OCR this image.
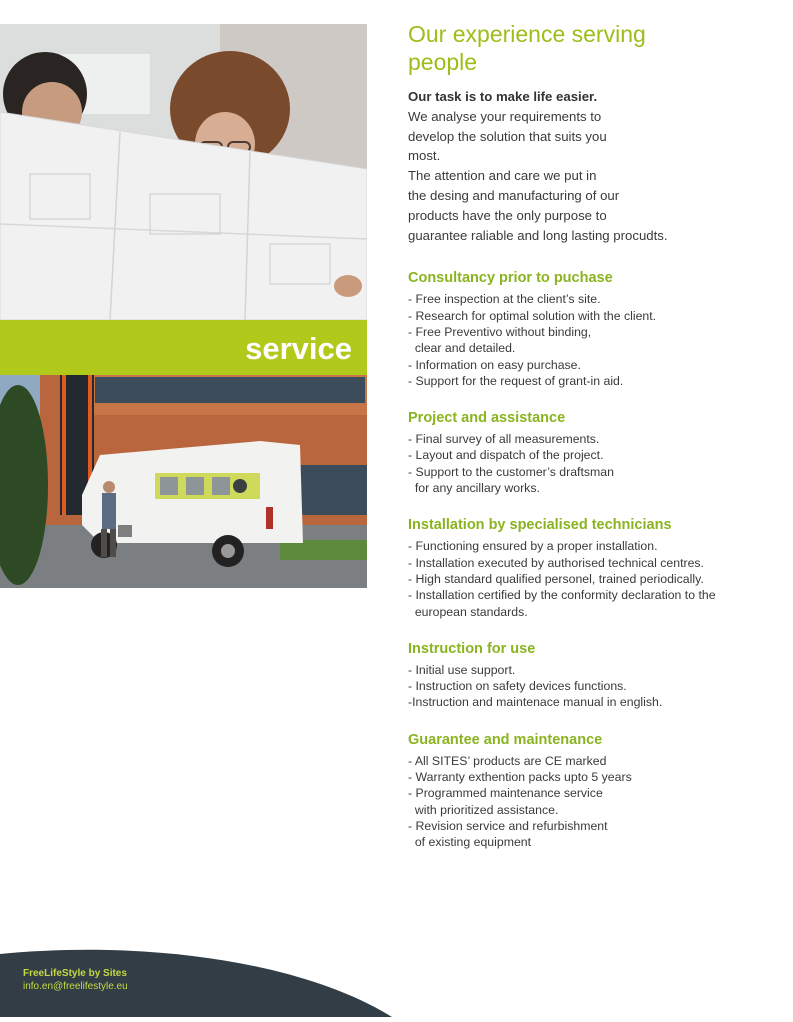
service
Our experience serving
people
Our task is to make life easier.
We analyse your requirements to
develop the solution that suits you
most.
The attention and care we put in
the desing and manufacturing of our
products have the only purpose to
guarantee raliable and long lasting procudts.
Consultancy prior to puchase
- Free inspection at the client’s site.
- Research for optimal solution with the client.
- Free Preventivo without binding,
clear and detailed.
- Information on easy purchase.
- Support for the request of grant-in aid.
Project and assistance
- Final survey of all measurements.
- Layout and dispatch of the project.
- Support to the customer’s draftsman
for any ancillary works.
Installation by specialised technicians
- Functioning ensured by a proper installation.
- Installation executed by authorised technical centres.
- High standard qualified personel, trained periodically.
- Installation certified by the conformity declaration to the
european standards.
Instruction for use
- Initial use support.
- Instruction on safety devices functions.
-Instruction and maintenace manual in english.
Guarantee and maintenance
- All SITES’ products are CE marked
- Warranty exthention packs upto 5 years
- Programmed maintenance service
with prioritized assistance.
- Revision service and refurbishment
of existing equipment
FreeLifeStyle by Sites
info.en@freelifestyle.eu
